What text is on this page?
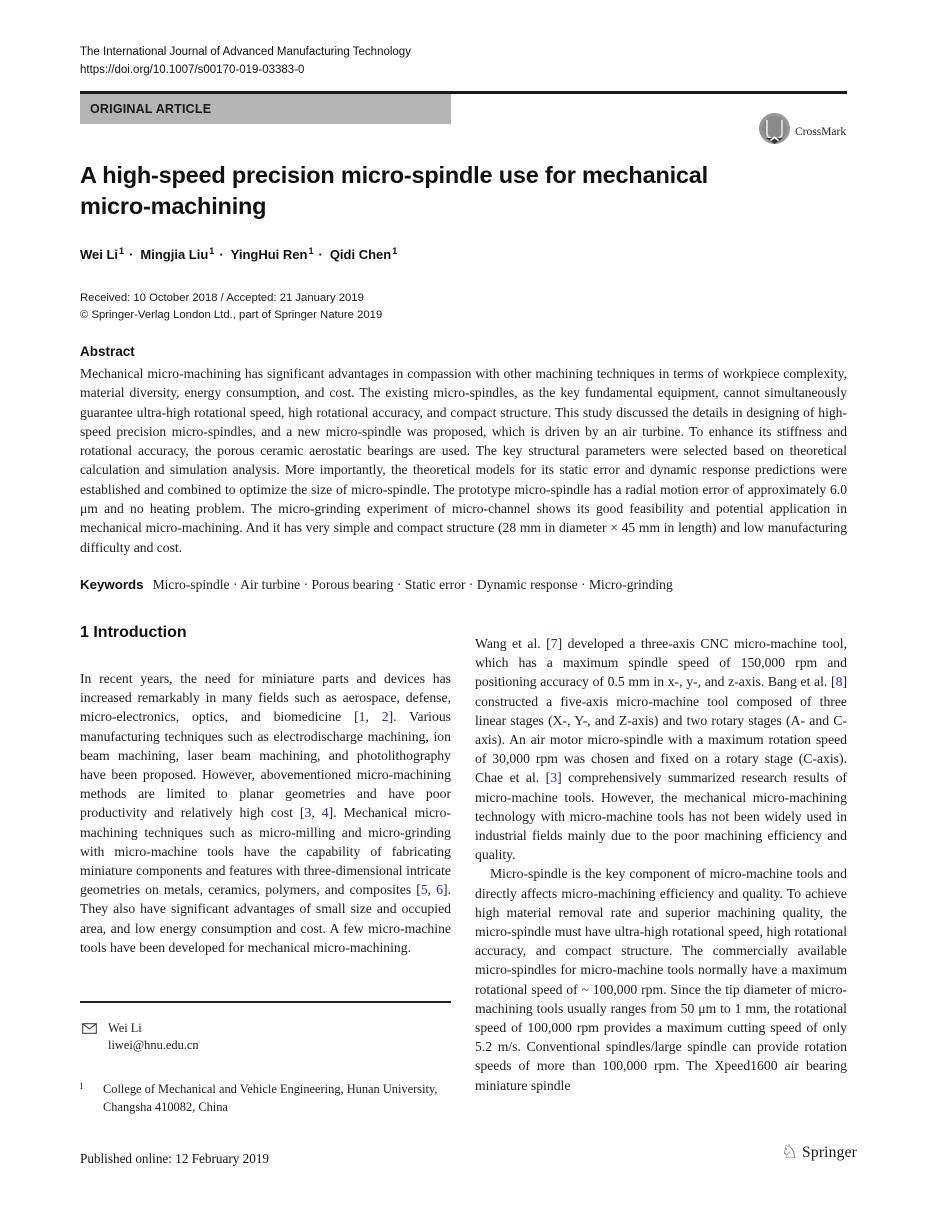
The International Journal of Advanced Manufacturing Technology
https://doi.org/10.1007/s00170-019-03383-0
ORIGINAL ARTICLE
CrossMark
A high-speed precision micro-spindle use for mechanical micro-machining
Wei $Li^1$ · Mingjia Liu$^1$ · YingHui Ren$^1$ · Qidi Chen$^1$
Received: 10 October 2018 / Accepted: 21 January 2019
© Springer-Verlag London Ltd., part of Springer Nature 2019
Abstract
Mechanical micro-machining has significant advantages in compassion with other machining techniques in terms of workpiece complexity, material diversity, energy consumption, and cost. The existing micro-spindles, as the key fundamental equipment, cannot simultaneously guarantee ultra-high rotational speed, high rotational accuracy, and compact structure. This study discussed the details in designing of high-speed precision micro-spindles, and a new micro-spindle was proposed, which is driven by an air turbine. To enhance its stiffness and rotational accuracy, the porous ceramic aerostatic bearings are used. The key structural parameters were selected based on theoretical calculation and simulation analysis. More importantly, the theoretical models for its static error and dynamic response predictions were established and combined to optimize the size of micro-spindle. The prototype micro-spindle has a radial motion error of approximately 6.0 μm and no heating problem. The micro-grinding experiment of micro-channel shows its good feasibility and potential application in mechanical micro-machining. And it has very simple and compact structure (28 mm in diameter × 45 mm in length) and low manufacturing difficulty and cost.
Keywords Micro-spindle · Air turbine · Porous bearing · Static error · Dynamic response · Micro-grinding
1 Introduction
In recent years, the need for miniature parts and devices has increased remarkably in many fields such as aerospace, defense, micro-electronics, optics, and biomedicine [1, 2]. Various manufacturing techniques such as electrodischarge machining, ion beam machining, laser beam machining, and photolithography have been proposed. However, abovementioned micro-machining methods are limited to planar geometries and have poor productivity and relatively high cost [3, 4]. Mechanical micro-machining techniques such as micro-milling and micro-grinding with micro-machine tools have the capability of fabricating miniature components and features with three-dimensional intricate geometries on metals, ceramics, polymers, and composites [5, 6]. They also have significant advantages of small size and occupied area, and low energy consumption and cost. A few micro-machine tools have been developed for mechanical micro-machining.

Wang et al. [7] developed a three-axis CNC micro-machine tool, which has a maximum spindle speed of 150,000 rpm and positioning accuracy of 0.5 mm in x-, y-, and z-axis. Bang et al. [8] constructed a five-axis micro-machine tool composed of three linear stages (X-, Y-, and Z-axis) and two rotary stages (A- and C-axis). An air motor micro-spindle with a maximum rotation speed of 30,000 rpm was chosen and fixed on a rotary stage (C-axis). Chae et al. [3] comprehensively summarized research results of micro-machine tools. However, the mechanical micro-machining technology with micro-machine tools has not been widely used in industrial fields mainly due to the poor machining efficiency and quality.

Micro-spindle is the key component of micro-machine tools and directly affects micro-machining efficiency and quality. To achieve high material removal rate and superior machining quality, the micro-spindle must have ultra-high rotational speed, high rotational accuracy, and compact structure. The commercially available micro-spindles for micro-machine tools normally have a maximum rotational speed of ~ 100,000 rpm. Since the tip diameter of micro-machining tools usually ranges from 50 μm to 1 mm, the rotational speed of 100,000 rpm provides a maximum cutting speed of only 5.2 m/s. Conventional spindles/large spindle can provide rotation speeds of more than 100,000 rpm. The Xpeed1600 air bearing miniature spindle

Wei Li
liwei@hnu.edu.cn
1	College of Mechanical and Vehicle Engineering, Hunan University, Changsha 410082, China
Published online: 12 February 2019	♘ Springer
